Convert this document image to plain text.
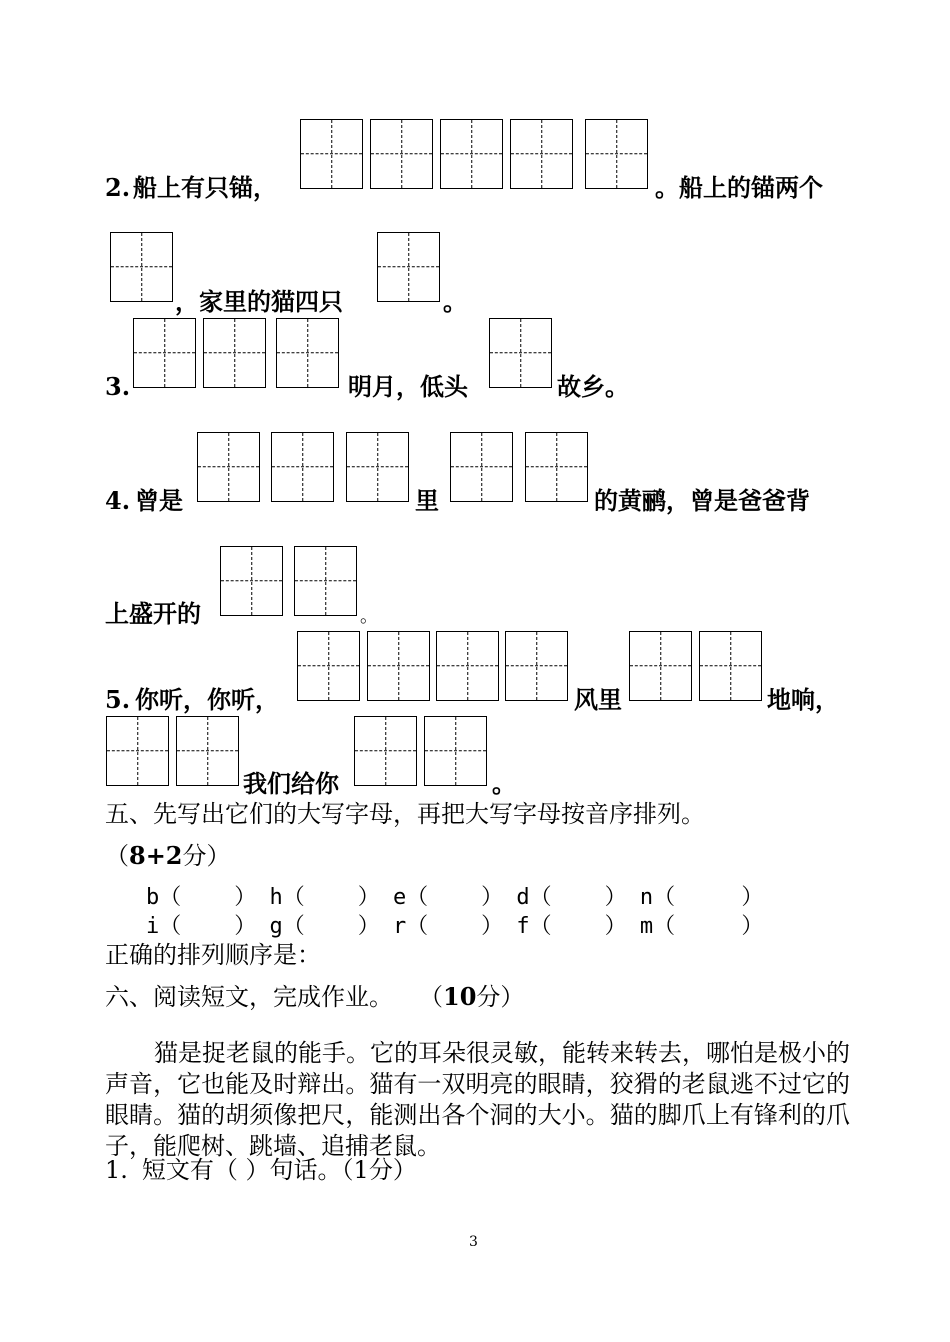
2. 船上有只锚，	。船上的锚两个
，家里的猫四只	。
3.	明月，低头	故乡。
4. 曾是	里	的黄鹂，曾是爸爸背
上盛开的	。
5. 你听，你听，	风里	地响，
我们给你	。
五、先写出它们的大写字母，再把大写字母按音序排列。
（8+2分）
b（    ） h（    ） e（    ） d（    ） n（     ）
i（    ） g（    ） r（    ） f（    ） m（     ）
正确的排列顺序是：
六、阅读短文，完成作业。 （10分）
猫是捉老鼠的能手。它的耳朵很灵敏，能转来转去，哪怕是极小的声音，它也能及时辩出。猫有一双明亮的眼睛，狡猾的老鼠逃不过它的眼睛。猫的胡须像把尺，能测出各个洞的大小。猫的脚爪上有锋利的爪子，能爬树、跳墙、追捕老鼠。
1. 短文有（ ）句话。（1分）
3
